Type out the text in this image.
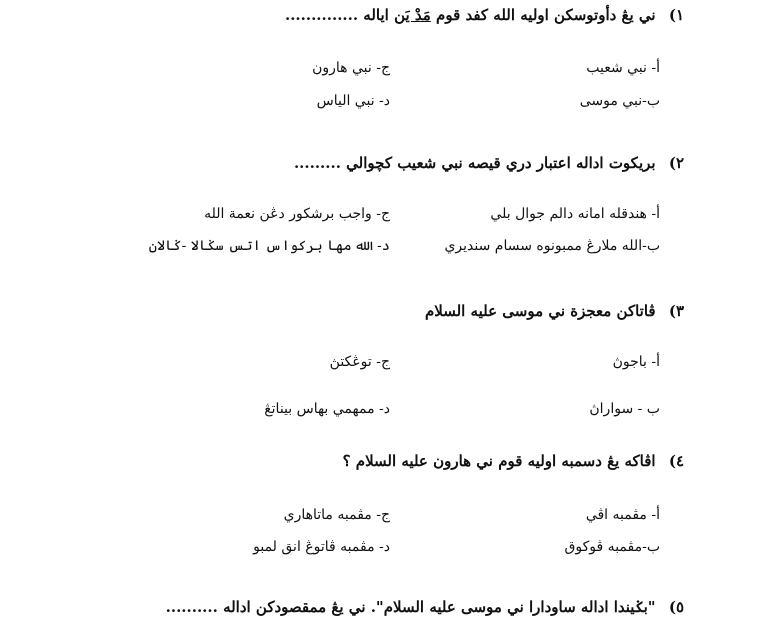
١) ني يڠ دأوتوسكن اوليه الله كفد قوم مَدْ يَن اياله ..............
أ- نبي شعيب
ج- نبي هارون
ب-نبي موسى
د- نبي الياس
٢) بريكوت اداله اعتبار دري قيصه نبي شعيب كچوالي .........
أ- هندقله امانه دالم جوال بلي
ج- واجب برشكور دڠن نعمة الله
ب-الله ملارڠ ممبونوه سسام سنديري
د- الله مها بركواس اتس سݢالا -ݢالان
٣) ڤاتاكن معجزة ني موسى عليه السلام
أ- باجوڽ
ج- توڠكتڽ
ب - سواراڽ
د- ممهمي بهاس بيناتڠ
٤) اڤاكه يڠ دسمبه اوليه قوم ني هارون عليه السلام ؟
أ- مڤمبه اڤي
ج- مڤمبه ماتاهاري
ب-مڤمبه ڤوكوق
د- مڤمبه ڤاتوڠ انق لمبو
٥) "بݢيندا اداله ساودارا ني موسى عليه السلام". ني يڠ ممقصودكن اداله ..........
